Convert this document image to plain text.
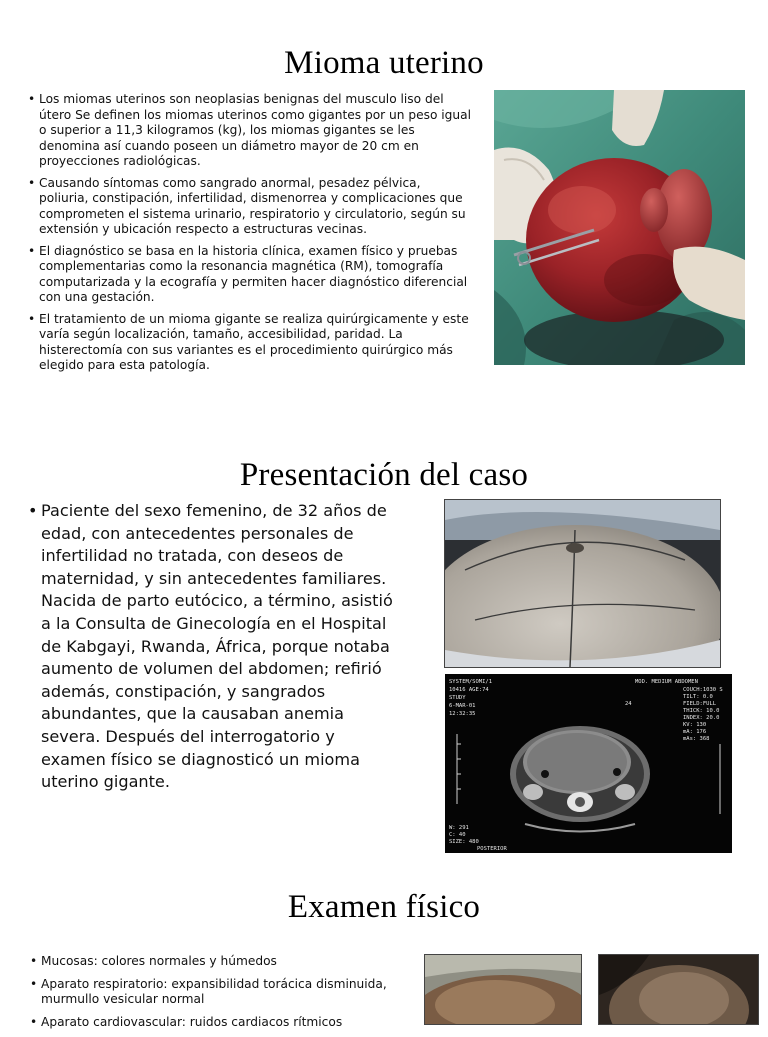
Mioma uterino
• Los miomas uterinos son neoplasias benignas del musculo liso del útero Se definen los miomas uterinos como gigantes por un peso igual o superior a 11,3 kilogramos (kg), los miomas gigantes se les denomina así cuando poseen un diámetro mayor de 20 cm en proyecciones radiológicas.
• Causando síntomas como sangrado anormal, pesadez pélvica, poliuria, constipación, infertilidad, dismenorrea y complicaciones que comprometen el sistema urinario, respiratorio y circulatorio, según su extensión y ubicación respecto a estructuras vecinas.
• El diagnóstico se basa en la historia clínica, examen físico y pruebas complementarias como la resonancia magnética (RM), tomografía computarizada y la ecografía y permiten hacer diagnóstico diferencial con una gestación.
• El tratamiento de un mioma gigante se realiza quirúrgicamente y este varía según localización, tamaño, accesibilidad, paridad. La histerectomía con sus variantes es el procedimiento quirúrgico más elegido para esta patología.
Presentación del caso
• Paciente del sexo femenino, de 32 años de edad, con antecedentes personales de infertilidad no tratada, con deseos de maternidad, y sin antecedentes familiares. Nacida de parto eutócico, a término, asistió a la Consulta de Ginecología en el Hospital de Kabgayi, Rwanda, África, porque notaba aumento de volumen del abdomen; refirió además, constipación, y sangrados abundantes, que la causaban anemia severa. Después del interrogatorio y examen físico se diagnosticó un mioma uterino gigante.
SYSTEM/SOMI/1
10416 AGE:74
STUDY
6-MAR-01
12:32:35
MOD. MEDIUM ABDOMEN
COUCH:1030 S
TILT: 0.0
FIELD:FULL
THICK: 10.0
INDEX: 20.0
KV: 130
mA: 176
mAs: 368
24
W: 291
C: 40
SIZE: 480
POSTERIOR
Examen físico
• Mucosas: colores normales y húmedos
• Aparato respiratorio: expansibilidad torácica disminuida, murmullo vesicular normal
• Aparato cardiovascular: ruidos cardiacos rítmicos
